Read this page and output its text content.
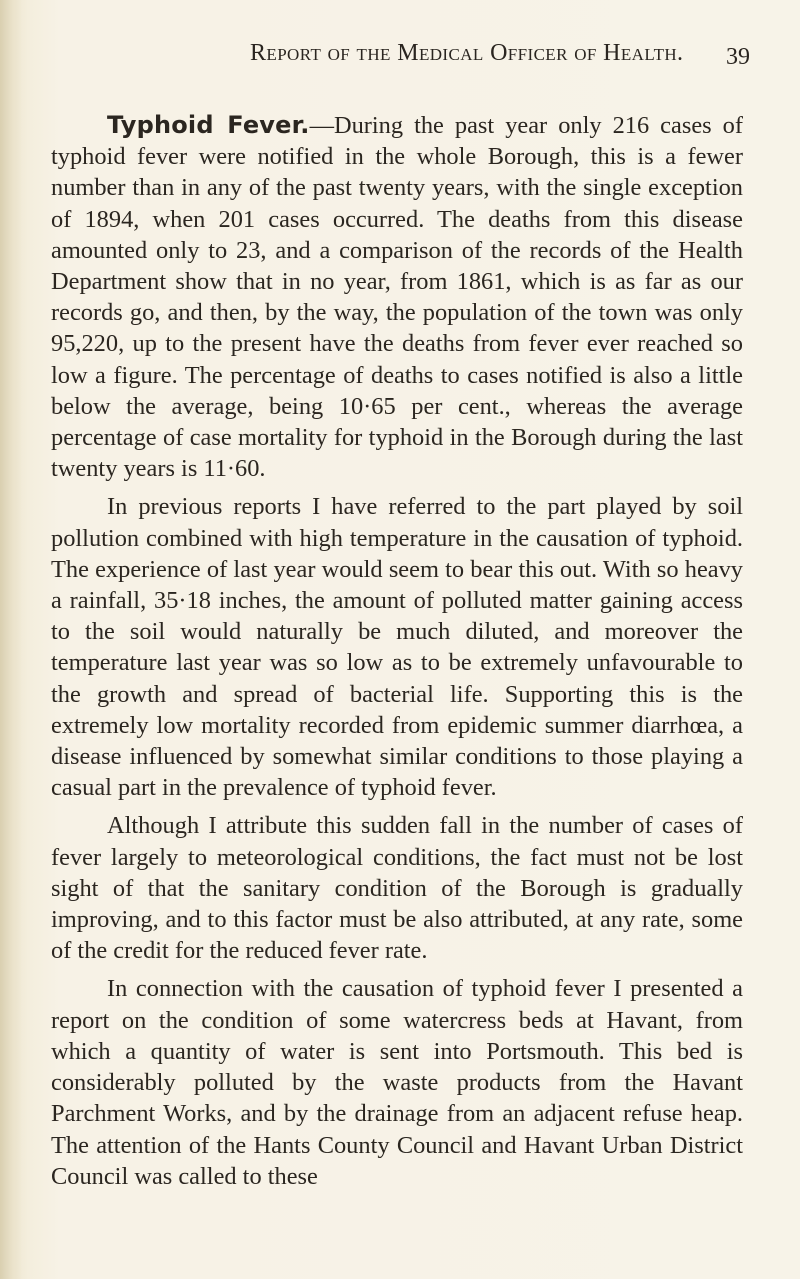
Report of the Medical Officer of Health. 39

Typhoid Fever.—During the past year only 216 cases of typhoid fever were notified in the whole Borough, this is a fewer number than in any of the past twenty years, with the single exception of 1894, when 201 cases occurred. The deaths from this disease amounted only to 23, and a comparison of the records of the Health Department show that in no year, from 1861, which is as far as our records go, and then, by the way, the population of the town was only 95,220, up to the present have the deaths from fever ever reached so low a figure. The percentage of deaths to cases notified is also a little below the average, being 10·65 per cent., whereas the average percentage of case mortality for typhoid in the Borough during the last twenty years is 11·60.

In previous reports I have referred to the part played by soil pollution combined with high temperature in the causation of typhoid. The experience of last year would seem to bear this out. With so heavy a rainfall, 35·18 inches, the amount of polluted matter gaining access to the soil would naturally be much diluted, and moreover the temperature last year was so low as to be extremely unfavourable to the growth and spread of bacterial life. Supporting this is the extremely low mortality recorded from epidemic summer diarrhœa, a disease influenced by somewhat similar conditions to those playing a casual part in the prevalence of typhoid fever.

Although I attribute this sudden fall in the number of cases of fever largely to meteorological conditions, the fact must not be lost sight of that the sanitary condition of the Borough is gradually improving, and to this factor must be also attributed, at any rate, some of the credit for the reduced fever rate.

In connection with the causation of typhoid fever I presented a report on the condition of some watercress beds at Havant, from which a quantity of water is sent into Portsmouth. This bed is considerably polluted by the waste products from the Havant Parchment Works, and by the drainage from an adjacent refuse heap. The attention of the Hants County Council and Havant Urban District Council was called to these
